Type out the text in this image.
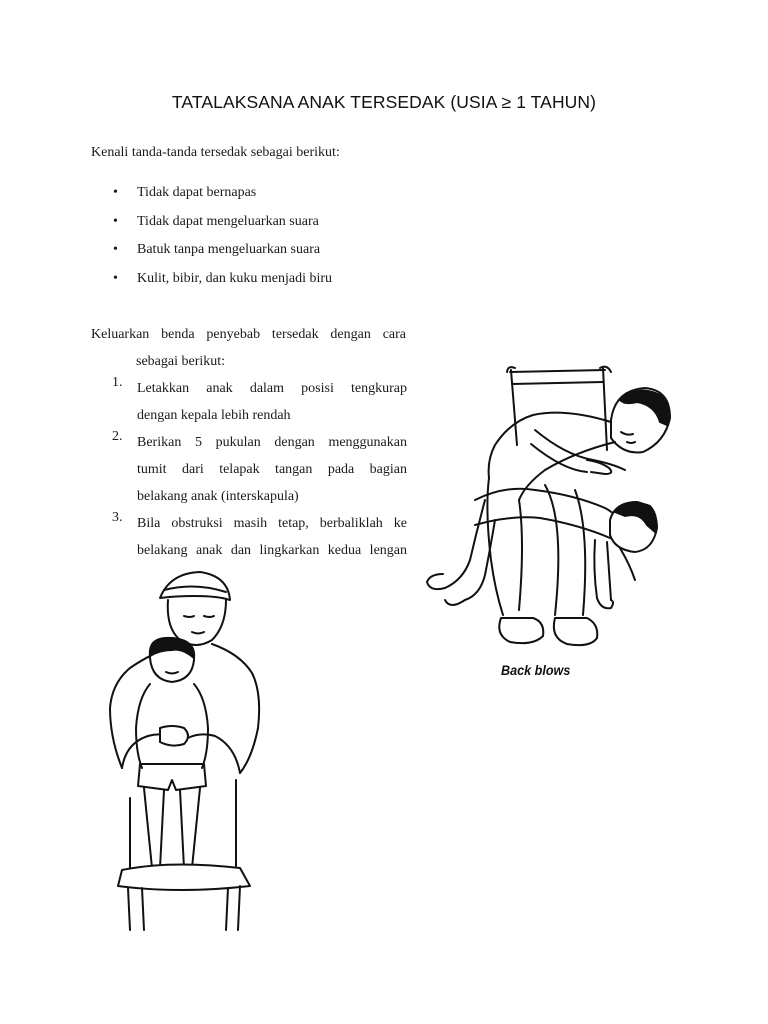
TATALAKSANA ANAK TERSEDAK (USIA ≥ 1 TAHUN)
Kenali tanda-tanda tersedak sebagai berikut:
• Tidak dapat bernapas
• Tidak dapat mengeluarkan suara
• Batuk tanpa mengeluarkan suara
• Kulit, bibir, dan kuku menjadi biru
Keluarkan benda penyebab tersedak dengan cara
sebagai berikut:
1. Letakkan anak dalam posisi tengkurap
dengan kepala lebih rendah
2. Berikan 5 pukulan dengan menggunakan
tumit dari telapak tangan pada bagian
belakang anak (interskapula)
3. Bila obstruksi masih tetap, berbaliklah ke
belakang anak dan lingkarkan kedua lengan
Back blows
